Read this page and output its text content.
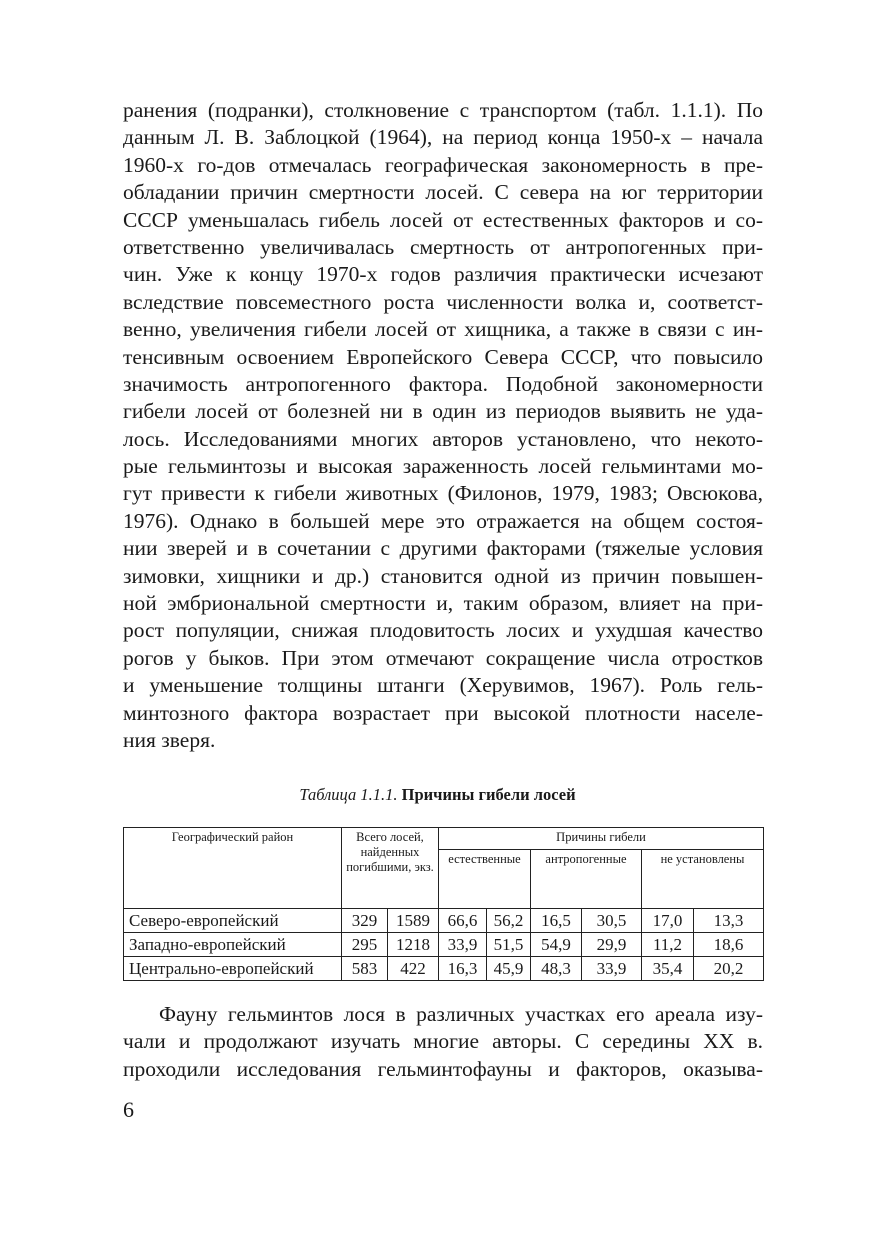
ранения (подранки), столкновение с транспортом (табл. 1.1.1). По
данным Л. В. Заблоцкой (1964), на период конца 1950-х – начала
1960-х го-дов отмечалась географическая закономерность в пре-
обладании причин смертности лосей. С севера на юг территории
СССР уменьшалась гибель лосей от естественных факторов и со-
ответственно увеличивалась смертность от антропогенных при-
чин. Уже к концу 1970-х годов различия практически исчезают
вследствие повсеместного роста численности волка и, соответст-
венно, увеличения гибели лосей от хищника, а также в связи с ин-
тенсивным освоением Европейского Севера СССР, что повысило
значимость антропогенного фактора. Подобной закономерности
гибели лосей от болезней ни в один из периодов выявить не уда-
лось. Исследованиями многих авторов установлено, что некото-
рые гельминтозы и высокая зараженность лосей гельминтами мо-
гут привести к гибели животных (Филонов, 1979, 1983; Овсюкова,
1976). Однако в большей мере это отражается на общем состоя-
нии зверей и в сочетании с другими факторами (тяжелые условия
зимовки, хищники и др.) становится одной из причин повышен-
ной эмбриональной смертности и, таким образом, влияет на при-
рост популяции, снижая плодовитость лосих и ухудшая качество
рогов у быков. При этом отмечают сокращение числа отростков
и уменьшение толщины штанги (Херувимов, 1967). Роль гель-
минтозного фактора возрастает при высокой плотности населе-
ния зверя.
Таблица 1.1.1. Причины гибели лосей
Географический район	Всего лосей, найденных погибшими, экз.		Причины гибели					
			естественные		антропогенные		не установлены	
Северо-европейский	329	1589	66,6	56,2	16,5	30,5	17,0	13,3
Западно-европейский	295	1218	33,9	51,5	54,9	29,9	11,2	18,6
Центрально-европейский	583	422	16,3	45,9	48,3	33,9	35,4	20,2
Фауну гельминтов лося в различных участках его ареала изу-
чали и продолжают изучать многие авторы. С середины XX в.
проходили исследования гельминтофауны и факторов, оказыва-
6
